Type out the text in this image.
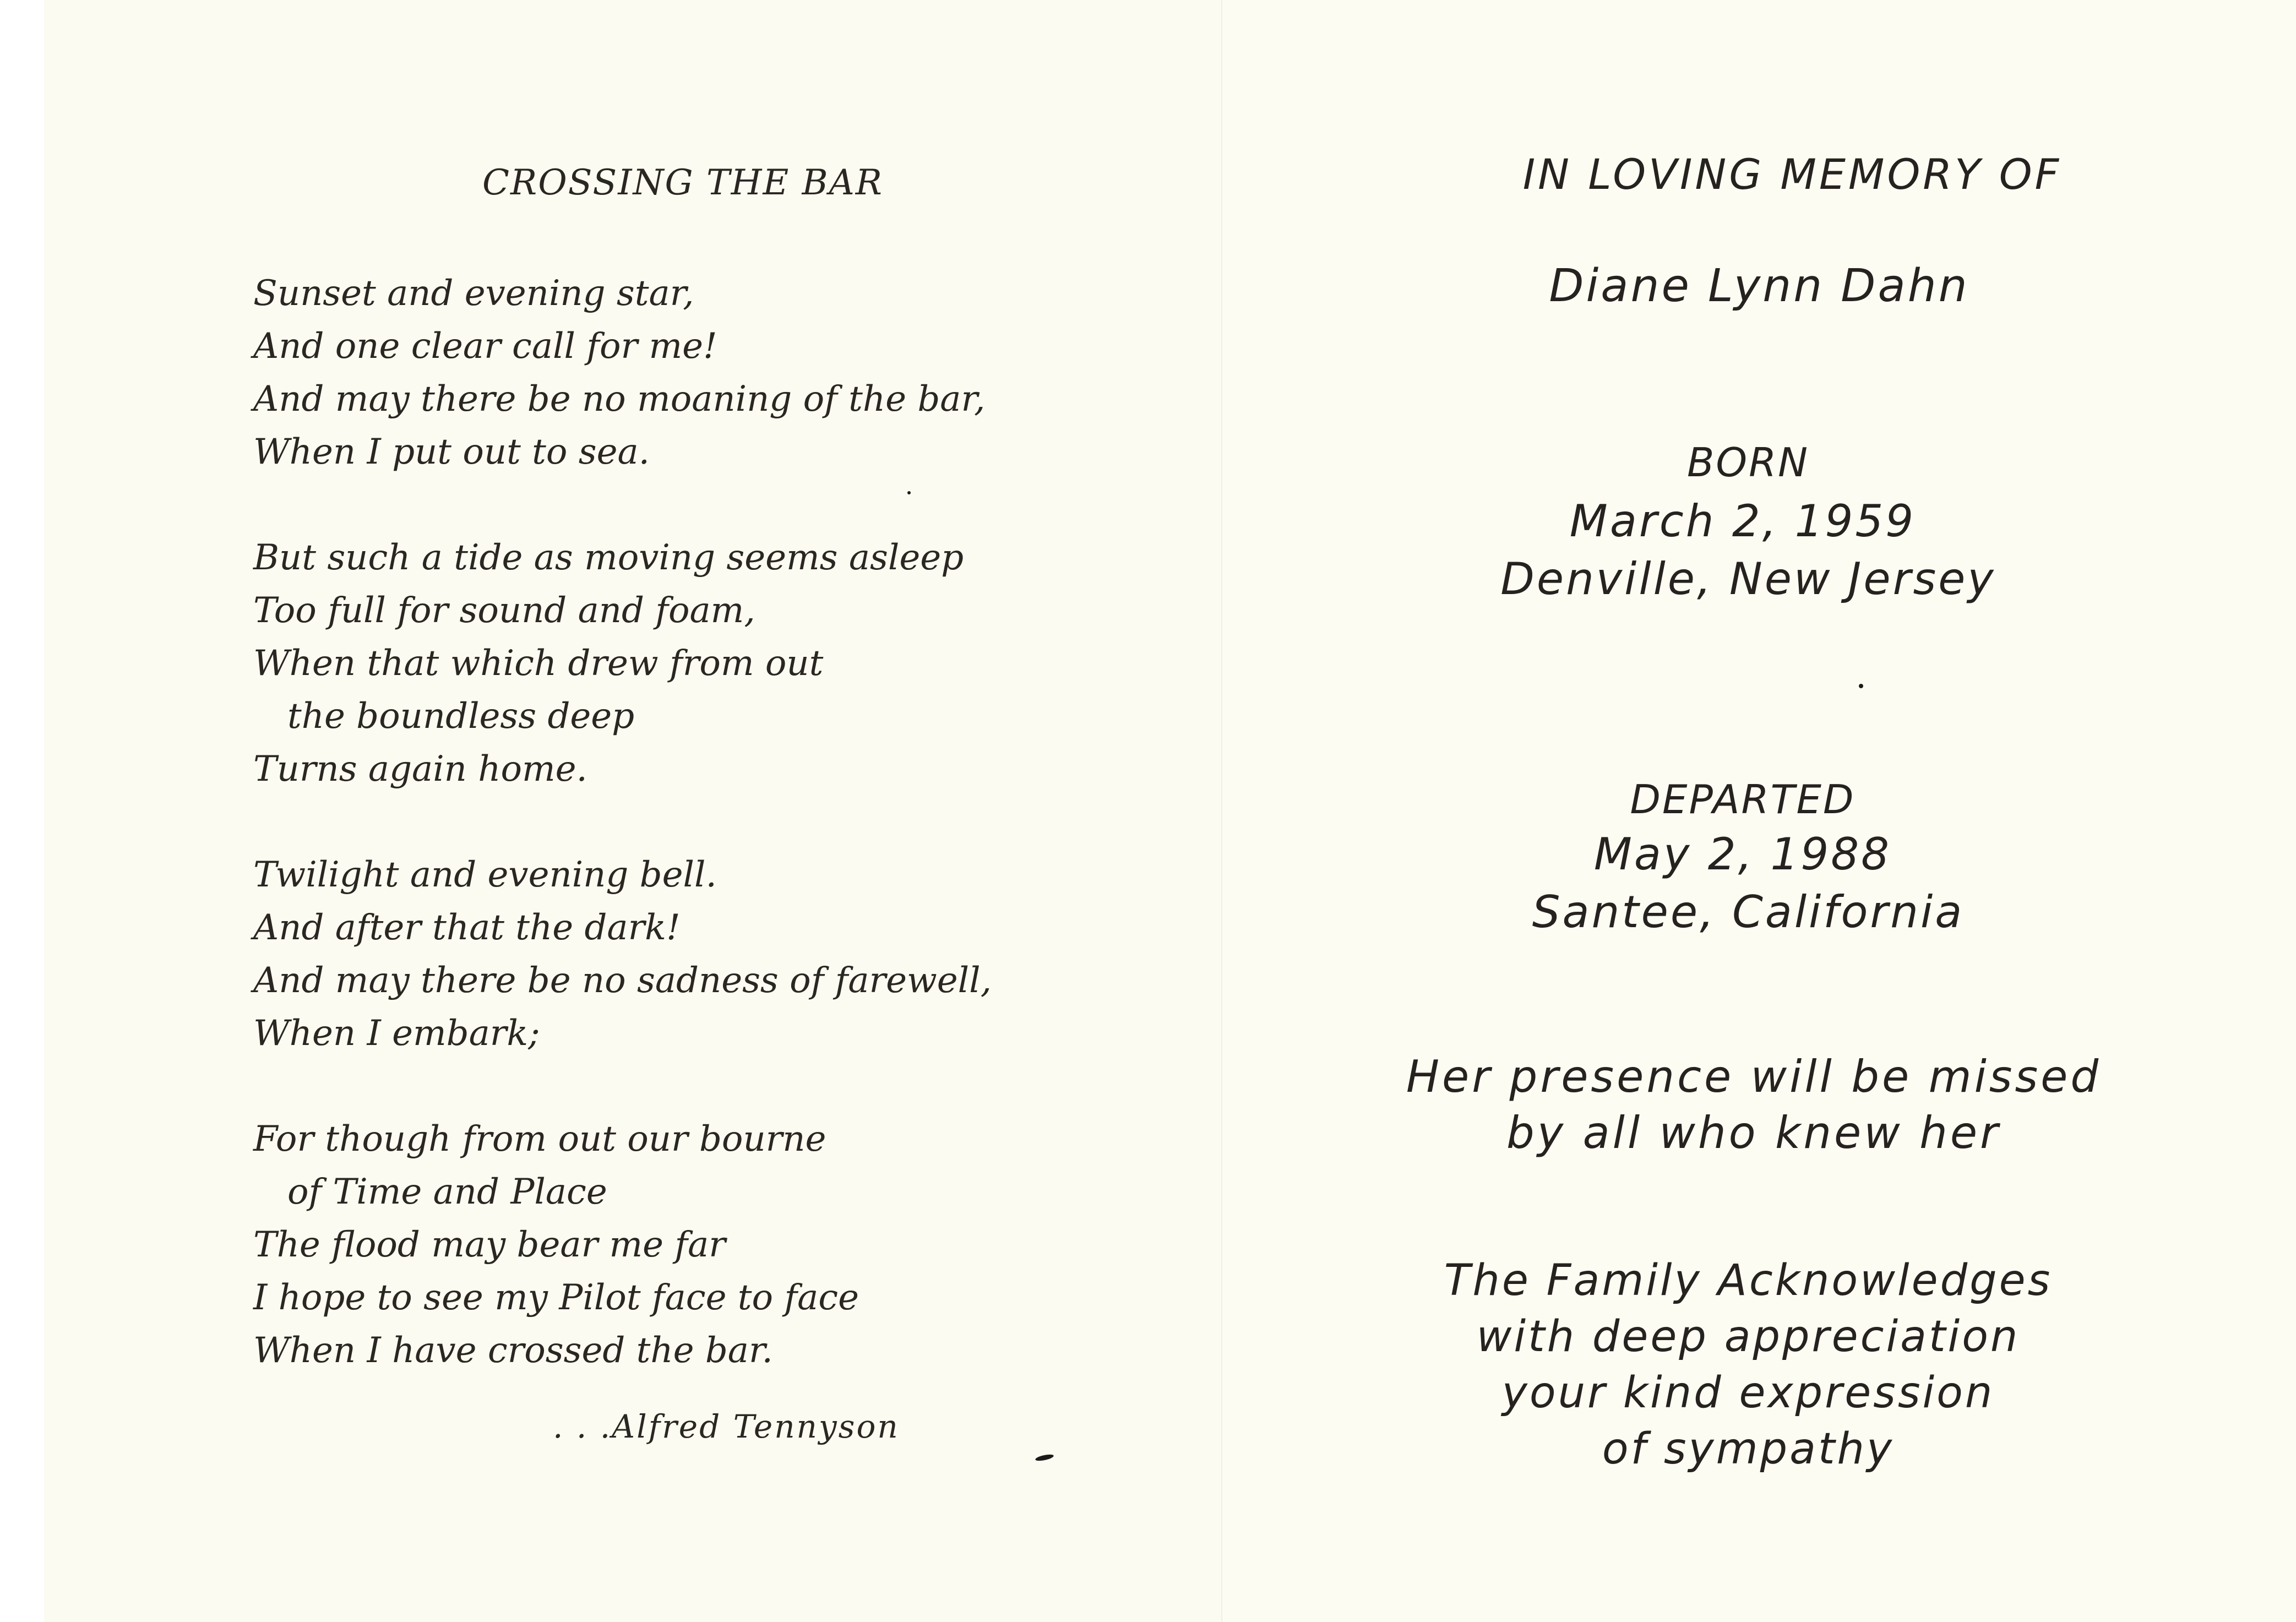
CROSSING THE BAR
Sunset and evening star,
And one clear call for me!
And may there be no moaning of the bar,
When I put out to sea.
But such a tide as moving seems asleep
Too full for sound and foam,
When that which drew from out
the boundless deep
Turns again home.
Twilight and evening bell.
And after that the dark!
And may there be no sadness of farewell,
When I embark;
For though from out our bourne
of Time and Place
The flood may bear me far
I hope to see my Pilot face to face
When I have crossed the bar.
. . .Alfred Tennyson
IN LOVING MEMORY OF
Diane Lynn Dahn
BORN
March 2, 1959
Denville, New Jersey
DEPARTED
May 2, 1988
Santee, California
Her presence will be missed
by all who knew her
The Family Acknowledges
with deep appreciation
your kind expression
of sympathy
